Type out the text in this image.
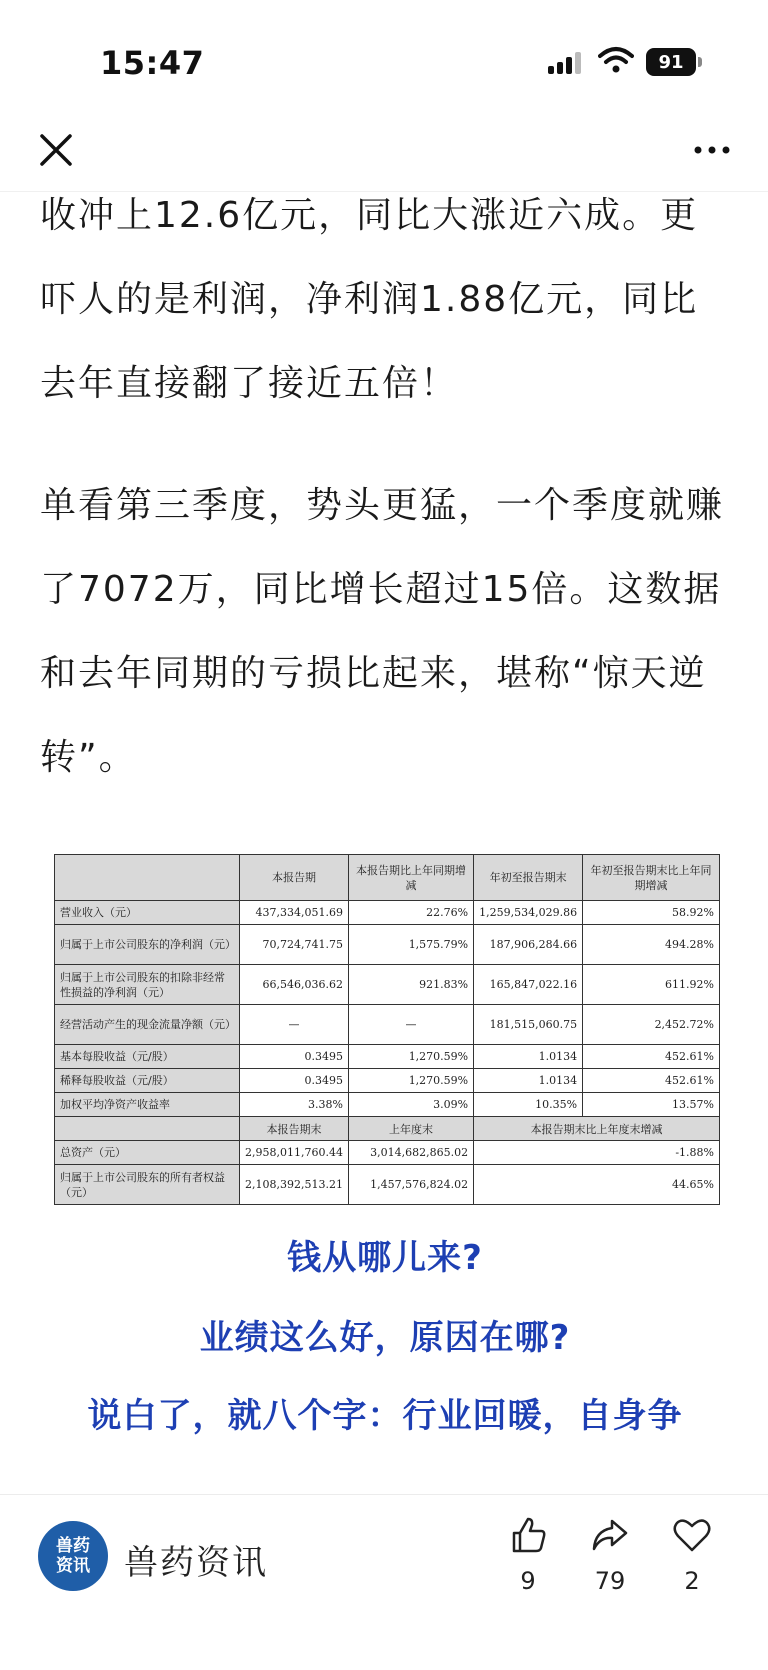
15:47	91

收冲上12.6亿元，同比大涨近六成。更吓人的是利润，净利润1.88亿元，同比去年直接翻了接近五倍！

单看第三季度，势头更猛，一个季度就赚了7072万，同比增长超过15倍。这数据和去年同期的亏损比起来，堪称“惊天逆转”。

	本报告期	本报告期比上年同期增减	年初至报告期末	年初至报告期末比上年同期增减
营业收入（元）	437,334,051.69	22.76%	1,259,534,029.86	58.92%
归属于上市公司股东的净利润（元）	70,724,741.75	1,575.79%	187,906,284.66	494.28%
归属于上市公司股东的扣除非经常性损益的净利润（元）	66,546,036.62	921.83%	165,847,022.16	611.92%
经营活动产生的现金流量净额（元）	—	—	181,515,060.75	2,452.72%
基本每股收益（元/股）	0.3495	1,270.59%	1.0134	452.61%
稀释每股收益（元/股）	0.3495	1,270.59%	1.0134	452.61%
加权平均净资产收益率	3.38%	3.09%	10.35%	13.57%
	本报告期末	上年度末	本报告期末比上年度末增减	
总资产（元）	2,958,011,760.44	3,014,682,865.02	-1.88%	
归属于上市公司股东的所有者权益（元）	2,108,392,513.21	1,457,576,824.02	44.65%	
钱从哪儿来?
业绩这么好，原因在哪?
说白了，就八个字：行业回暖，自身争
兽药
资讯 兽药资讯	9	79	2
